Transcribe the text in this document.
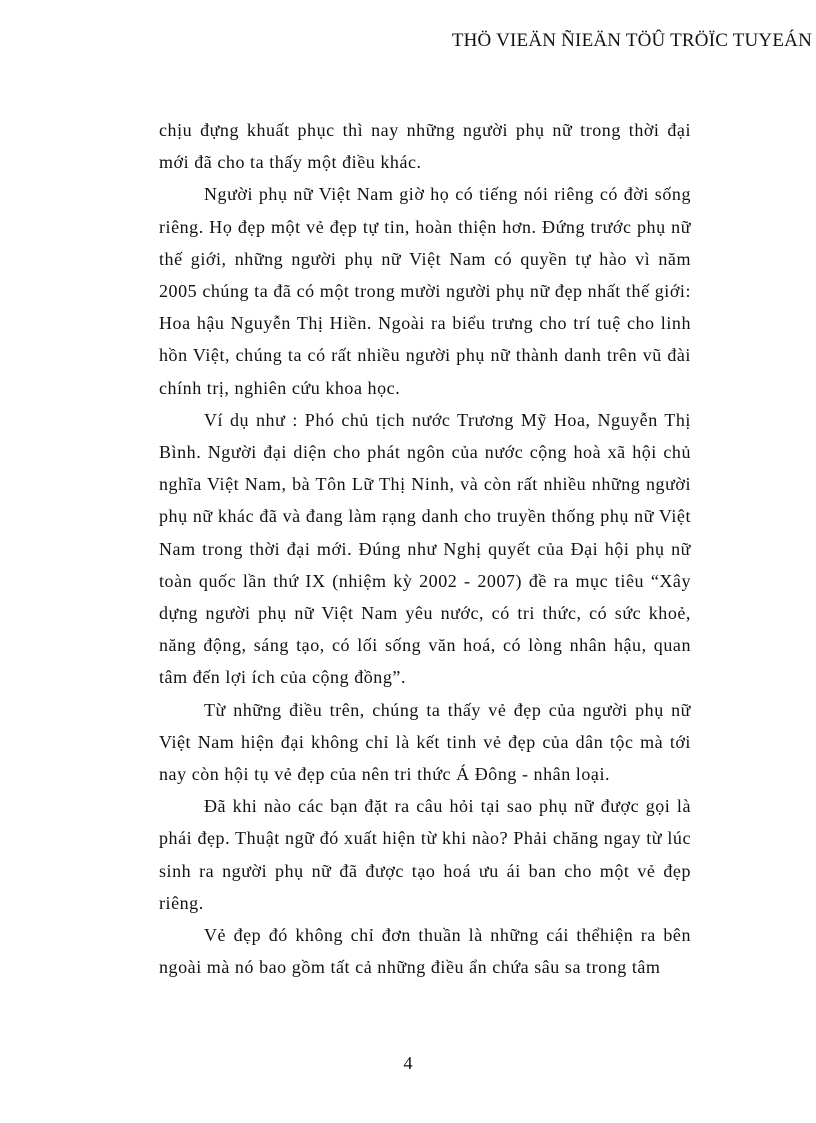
THÖ VIEÄN ÑIEÄN TÖÛ TRÖÏC TUYEÁN

chịu đựng khuất phục thì nay những người phụ nữ trong thời đại mới đã cho ta thấy một điều khác.

Người phụ nữ Việt Nam giờ họ có tiếng nói riêng có đời sống riêng. Họ đẹp một vẻ đẹp tự tin, hoàn thiện hơn. Đứng trước phụ nữ thế giới, những người phụ nữ Việt Nam có quyền tự hào vì năm 2005 chúng ta đã có một trong mười người phụ nữ đẹp nhất thế giới: Hoa hậu Nguyễn Thị Hiền. Ngoài ra biểu trưng cho trí tuệ cho linh hồn Việt, chúng ta có rất nhiều người phụ nữ thành danh trên vũ đài chính trị, nghiên cứu khoa học.

Ví dụ như : Phó chủ tịch nước Trương Mỹ Hoa, Nguyễn Thị Bình. Người đại diện cho phát ngôn của nước cộng hoà xã hội chủ nghĩa Việt Nam, bà Tôn Lữ Thị Ninh, và còn rất nhiều những người phụ nữ khác đã và đang làm rạng danh cho truyền thống phụ nữ Việt Nam trong thời đại mới. Đúng như Nghị quyết của Đại hội phụ nữ toàn quốc lần thứ IX (nhiệm kỳ 2002 - 2007) đề ra mục tiêu “Xây dựng người phụ nữ Việt Nam yêu nước, có tri thức, có sức khoẻ, năng động, sáng tạo, có lối sống văn hoá, có lòng nhân hậu, quan tâm đến lợi ích của cộng đồng”.

Từ những điều trên, chúng ta thấy vẻ đẹp của người phụ nữ Việt Nam hiện đại không chỉ là kết tinh vẻ đẹp của dân tộc mà tới nay còn hội tụ vẻ đẹp của nên tri thức Á Đông - nhân loại.

Đã khi nào các bạn đặt ra câu hỏi tại sao phụ nữ được gọi là phái đẹp. Thuật ngữ đó xuất hiện từ khi nào? Phải chăng ngay từ lúc sinh ra người phụ nữ đã được tạo hoá ưu ái ban cho một vẻ đẹp riêng.

Vẻ đẹp đó không chỉ đơn thuần là những cái thểhiện ra bên ngoài mà nó bao gồm tất cả những điều ẩn chứa sâu sa trong tâm

4
